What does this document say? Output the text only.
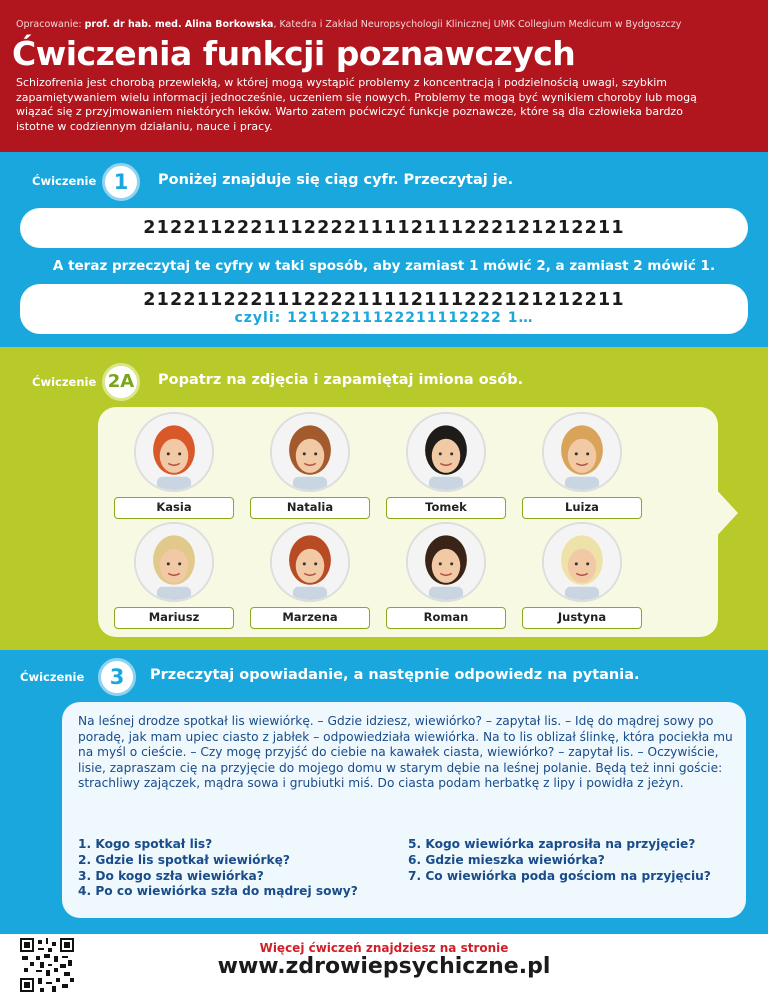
Opracowanie: prof. dr hab. med. Alina Borkowska, Katedra i Zakład Neuropsychologii Klinicznej UMK Collegium Medicum w Bydgoszczy
Ćwiczenia funkcji poznawczych
Schizofrenia jest chorobą przewlekłą, w której mogą wystąpić problemy z koncentracją i podzielnością uwagi, szybkim zapamiętywaniem wielu informacji jednocześnie, uczeniem się nowych. Problemy te mogą być wynikiem choroby lub mogą wiązać się z przyjmowaniem niektórych leków. Warto zatem poćwiczyć funkcje poznawcze, które są dla człowieka bardzo istotne w codziennym działaniu, nauce i pracy.
Ćwiczenie 1	Poniżej znajduje się ciąg cyfr. Przeczytaj je.
212211222111222211112111222121212211
A teraz przeczytaj te cyfry w taki sposób, aby zamiast 1 mówić 2, a zamiast 2 mówić 1.
212211222111222211112111222121212211
czyli: 12112211122211112222 1…
Ćwiczenie 2A	Popatrz na zdjęcia i zapamiętaj imiona osób.
Kasia	Natalia	Tomek	Luiza
Mariusz	Marzena	Roman	Justyna
Ćwiczenie	3	Przeczytaj opowiadanie, a następnie odpowiedz na pytania.
Na leśnej drodze spotkał lis wiewiórkę. – Gdzie idziesz, wiewiórko? – zapytał lis. – Idę do mądrej sowy po poradę, jak mam upiec ciasto z jabłek – odpowiedziała wiewiórka. Na to lis oblizał ślinkę, która pociekła mu na myśl o cieście. – Czy mogę przyjść do ciebie na kawałek ciasta, wiewiórko? – zapytał lis. – Oczywiście, lisie, zapraszam cię na przyjęcie do mojego domu w starym dębie na leśnej polanie. Będą też inni goście: strachliwy zajączek, mądra sowa i grubiutki miś. Do ciasta podam herbatkę z lipy i powidła z jeżyn.
1. Kogo spotkał lis?
2. Gdzie lis spotkał wiewiórkę?
3. Do kogo szła wiewiórka?
4. Po co wiewiórka szła do mądrej sowy?
5. Kogo wiewiórka zaprosiła na przyjęcie?
6. Gdzie mieszka wiewiórka?
7. Co wiewiórka poda gościom na przyjęciu?
Więcej ćwiczeń znajdziesz na stronie
www.zdrowiepsychiczne.pl
